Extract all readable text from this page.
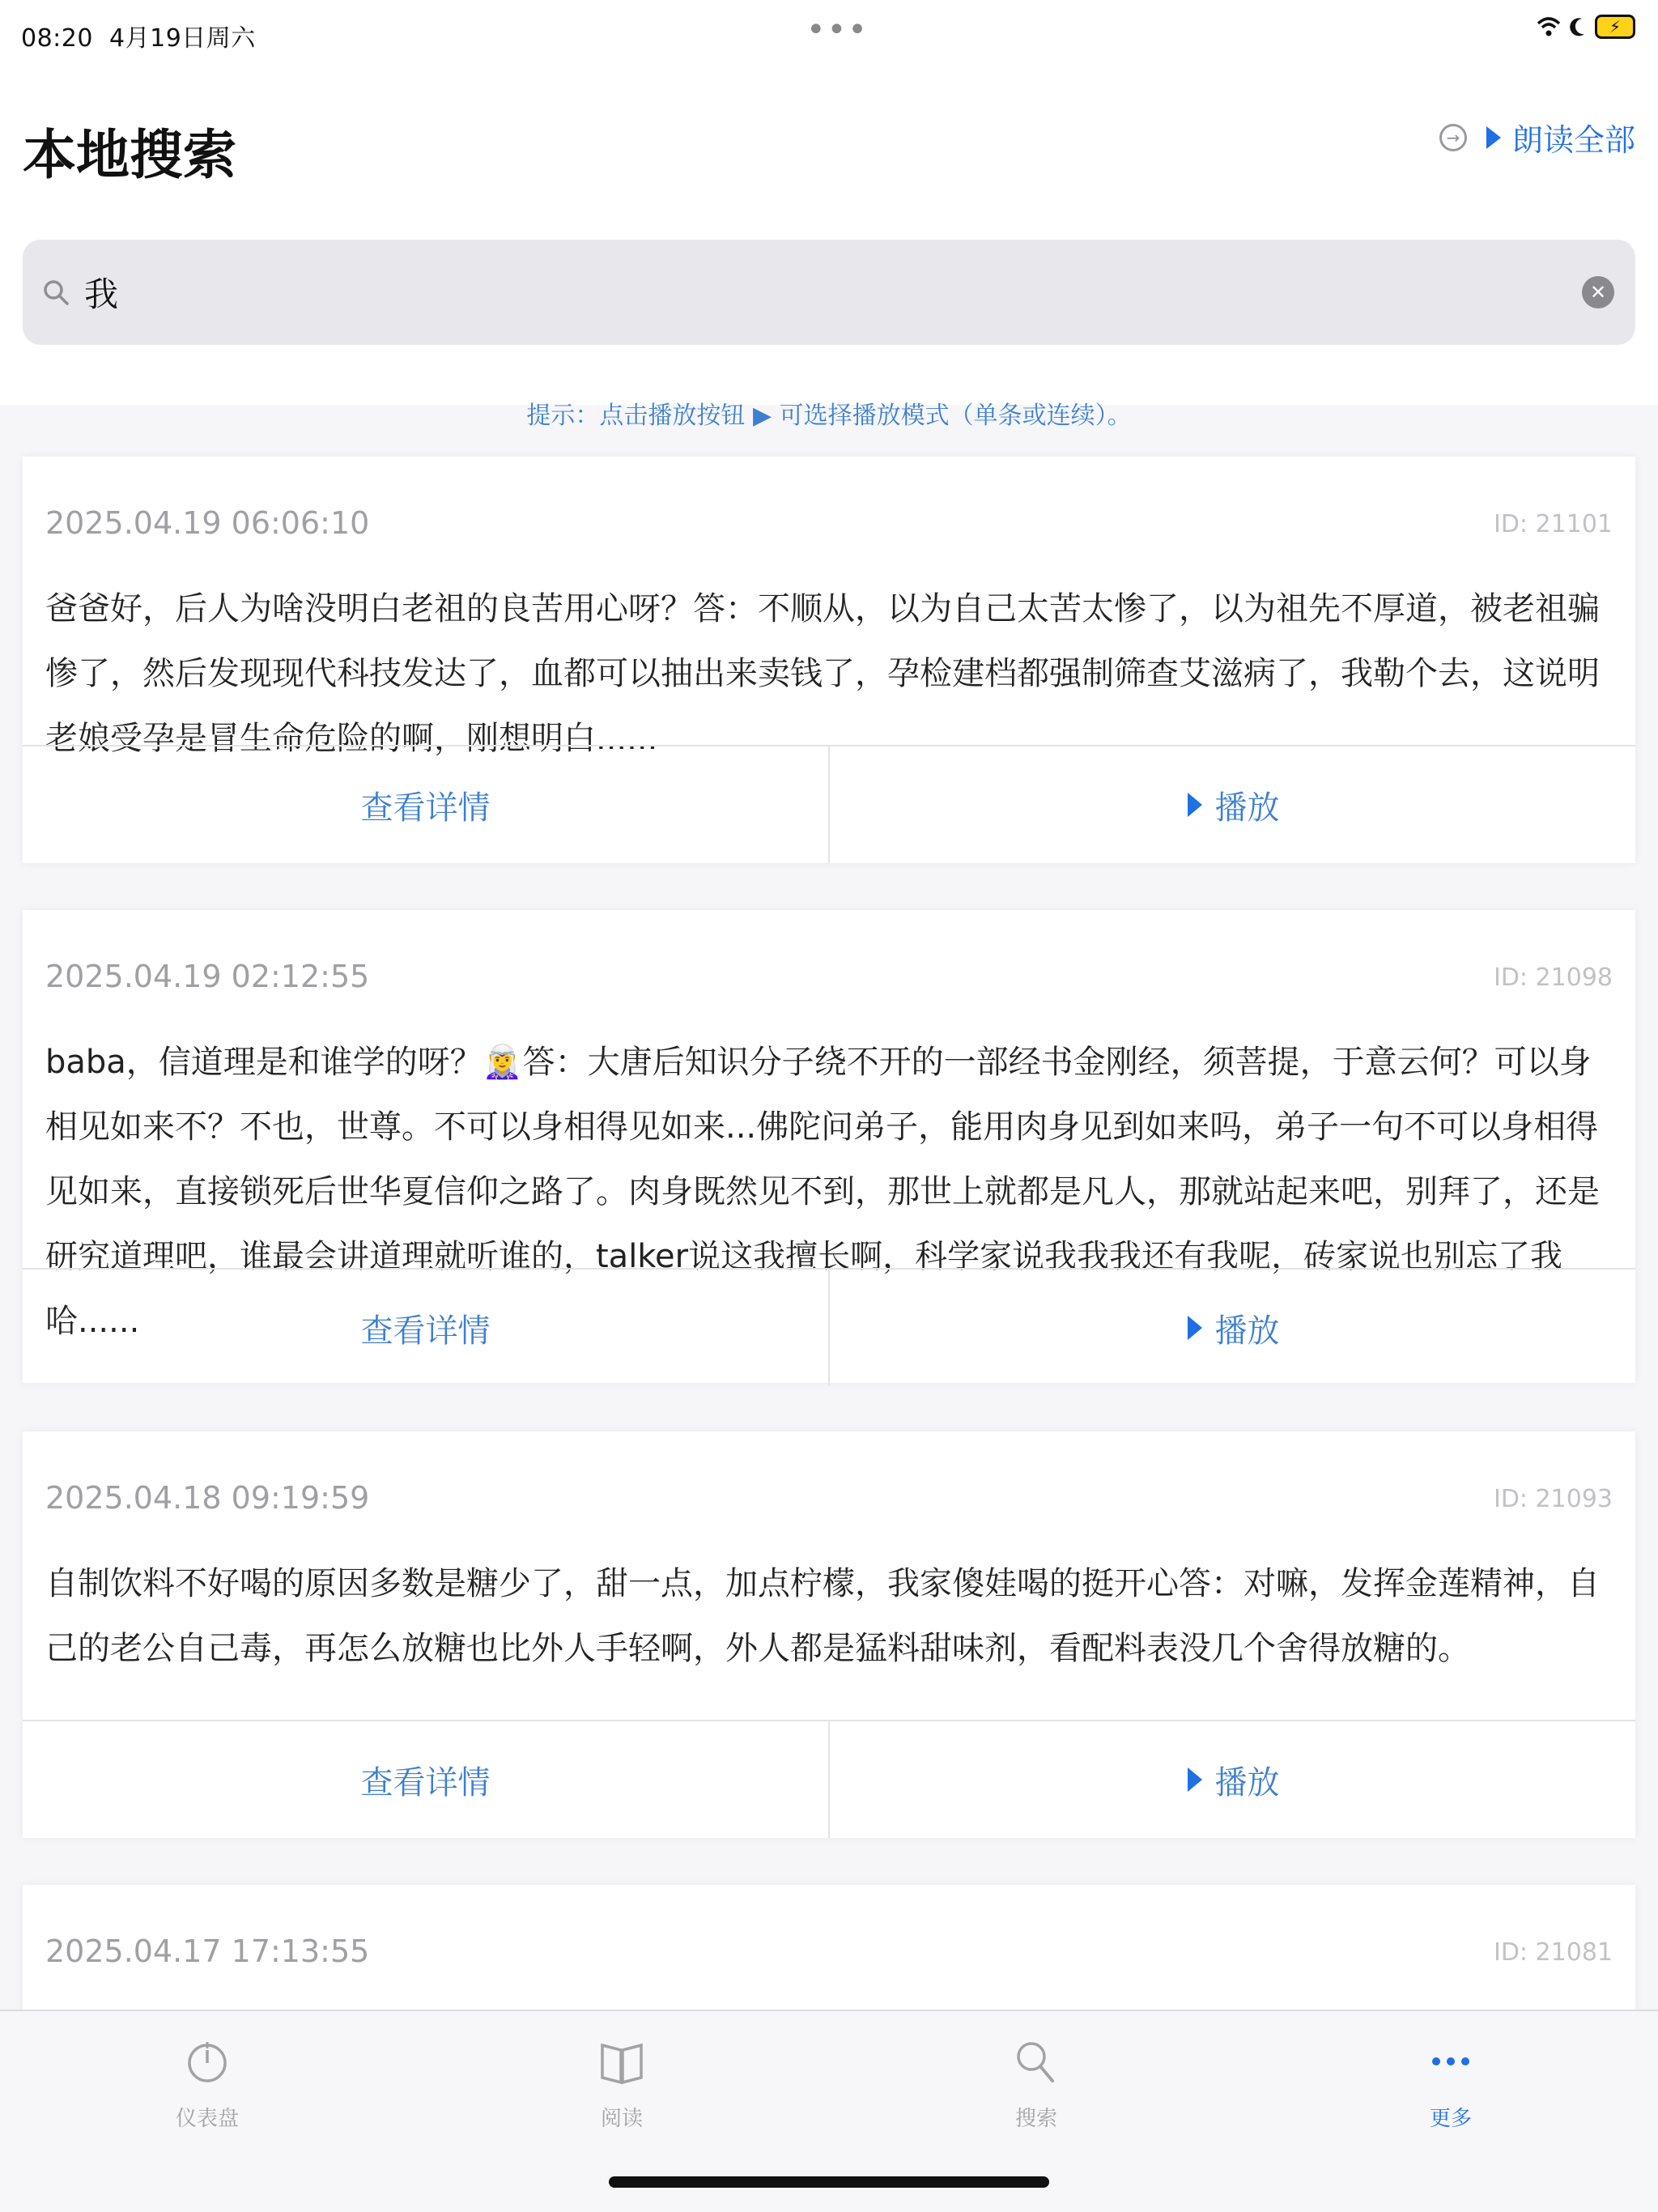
08:20 4月19日周六	•••	⚡
本地搜索	→ 朗读全部
我	✕
提示：点击播放按钮 ▶ 可选择播放模式（单条或连续）。
2025.04.19 06:06:10	ID: 21101
爸爸好，后人为啥没明白老祖的良苦用心呀？答：不顺从，以为自己太苦太惨了，以为祖先不厚道，被老祖骗惨了，然后发现现代科技发达了，血都可以抽出来卖钱了，孕检建档都强制筛查艾滋病了，我勒个去，这说明老娘受孕是冒生命危险的啊，刚想明白......
查看详情	播放
2025.04.19 02:12:55	ID: 21098
baba，信道理是和谁学的呀？🧝‍♀️答：大唐后知识分子绕不开的一部经书金刚经，须菩提，于意云何？可以身相见如来不？不也，世尊。不可以身相得见如来...佛陀问弟子，能用肉身见到如来吗，弟子一句不可以身相得见如来，直接锁死后世华夏信仰之路了。肉身既然见不到，那世上就都是凡人，那就站起来吧，别拜了，还是研究道理吧，谁最会讲道理就听谁的，talker说这我擅长啊，科学家说我我我还有我呢，砖家说也别忘了我哈......	查看详情	播放
2025.04.18 09:19:59	ID: 21093
自制饮料不好喝的原因多数是糖少了，甜一点，加点柠檬，我家傻娃喝的挺开心答：对嘛，发挥金莲精神，自己的老公自己毒，再怎么放糖也比外人手轻啊，外人都是猛料甜味剂，看配料表没几个舍得放糖的。
查看详情	播放
2025.04.17 17:13:55	ID: 21081
仪表盘	阅读	搜索	更多
